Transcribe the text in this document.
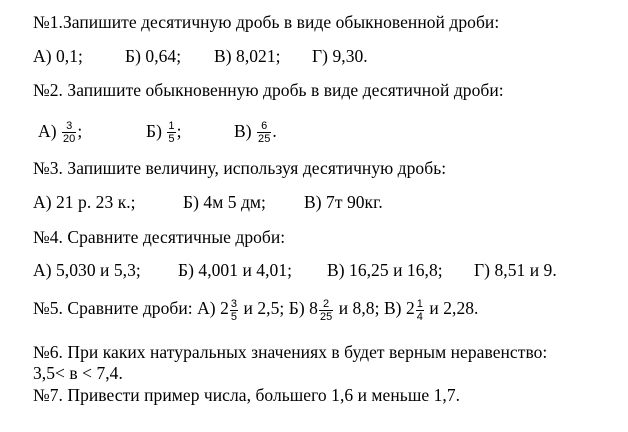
№1.Запишите десятичную дробь в виде обыкновенной дроби:
А) 0,1; Б) 0,64; В) 8,021; Г) 9,30.
№2. Запишите обыкновенную дробь в виде десятичной дроби:
$А) \frac{3}{20}$ ;	$Б) \frac{1}{5}$ ;	$В) \frac{6}{25}$ .
№3. Запишите величину, используя десятичную дробь:
А) 21 р. 23 к.;	Б) 4м 5 дм; В) 7т 90кг.
№4. Сравните десятичные дроби:
А) 5,030 и 5,3; Б) 4,001 и 4,01; В) 16,25 и 16,8; Г) 8,51 и 9.
№5. Сравните дроби: А) $2 \frac{3}{5}$ и 2,5; Б) $8 \frac{2}{25}$ и 8,8; В) $2 \frac{1}{4}$ и 2,28.
№6. При каких натуральных значениях в будет верным неравенство:
3,5< в < 7,4.
№7. Привести пример числа, большего 1,6 и меньше 1,7.
